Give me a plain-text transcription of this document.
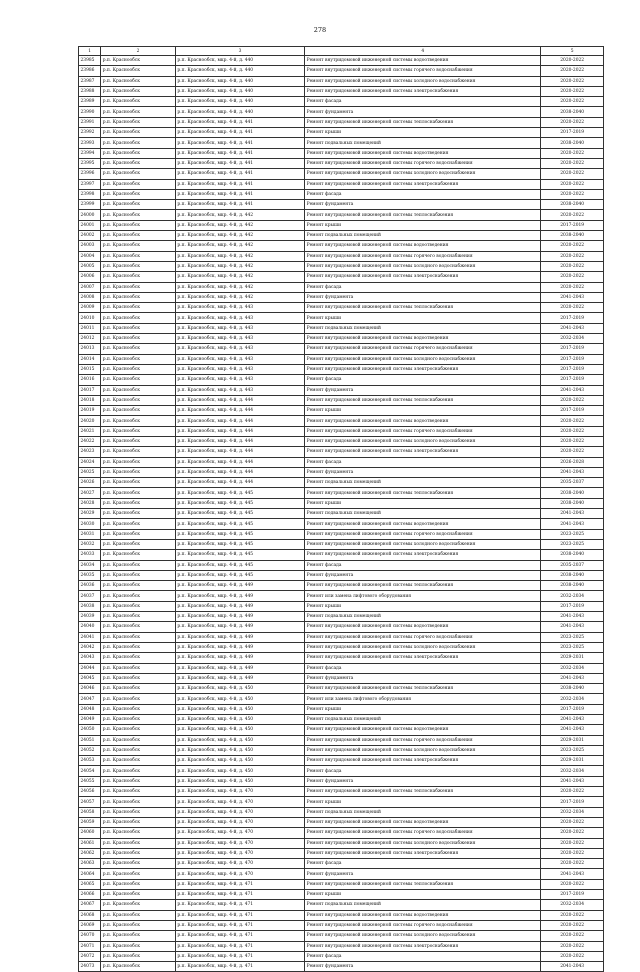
278
1	2	3	4	5
23985	р.п. Краснообск	р.п. Краснообск, мкр. 4-й, д. 440	Ремонт внутридомовой инженерной системы водоотведения	2020-2022
23986	р.п. Краснообск	р.п. Краснообск, мкр. 4-й, д. 440	Ремонт внутридомовой инженерной системы горячего водоснабжения	2020-2022
23987	р.п. Краснообск	р.п. Краснообск, мкр. 4-й, д. 440	Ремонт внутридомовой инженерной системы холодного водоснабжения	2020-2022
23988	р.п. Краснообск	р.п. Краснообск, мкр. 4-й, д. 440	Ремонт внутридомовой инженерной системы электроснабжения	2020-2022
23989	р.п. Краснообск	р.п. Краснообск, мкр. 4-й, д. 440	Ремонт фасада	2020-2022
23990	р.п. Краснообск	р.п. Краснообск, мкр. 4-й, д. 440	Ремонт фундамента	2038-2040
23991	р.п. Краснообск	р.п. Краснообск, мкр. 4-й, д. 441	Ремонт внутридомовой инженерной системы теплоснабжения	2020-2022
23992	р.п. Краснообск	р.п. Краснообск, мкр. 4-й, д. 441	Ремонт крыши	2017-2019
23993	р.п. Краснообск	р.п. Краснообск, мкр. 4-й, д. 441	Ремонт подвальных помещений	2038-2040
23994	р.п. Краснообск	р.п. Краснообск, мкр. 4-й, д. 441	Ремонт внутридомовой инженерной системы водоотведения	2020-2022
23995	р.п. Краснообск	р.п. Краснообск, мкр. 4-й, д. 441	Ремонт внутридомовой инженерной системы горячего водоснабжения	2020-2022
23996	р.п. Краснообск	р.п. Краснообск, мкр. 4-й, д. 441	Ремонт внутридомовой инженерной системы холодного водоснабжения	2020-2022
23997	р.п. Краснообск	р.п. Краснообск, мкр. 4-й, д. 441	Ремонт внутридомовой инженерной системы электроснабжения	2020-2022
23998	р.п. Краснообск	р.п. Краснообск, мкр. 4-й, д. 441	Ремонт фасада	2020-2022
23999	р.п. Краснообск	р.п. Краснообск, мкр. 4-й, д. 441	Ремонт фундамента	2038-2040
24000	р.п. Краснообск	р.п. Краснообск, мкр. 4-й, д. 442	Ремонт внутридомовой инженерной системы теплоснабжения	2020-2022
24001	р.п. Краснообск	р.п. Краснообск, мкр. 4-й, д. 442	Ремонт крыши	2017-2019
24002	р.п. Краснообск	р.п. Краснообск, мкр. 4-й, д. 442	Ремонт подвальных помещений	2038-2040
24003	р.п. Краснообск	р.п. Краснообск, мкр. 4-й, д. 442	Ремонт внутридомовой инженерной системы водоотведения	2020-2022
24004	р.п. Краснообск	р.п. Краснообск, мкр. 4-й, д. 442	Ремонт внутридомовой инженерной системы горячего водоснабжения	2020-2022
24005	р.п. Краснообск	р.п. Краснообск, мкр. 4-й, д. 442	Ремонт внутридомовой инженерной системы холодного водоснабжения	2020-2022
24006	р.п. Краснообск	р.п. Краснообск, мкр. 4-й, д. 442	Ремонт внутридомовой инженерной системы электроснабжения	2020-2022
24007	р.п. Краснообск	р.п. Краснообск, мкр. 4-й, д. 442	Ремонт фасада	2020-2022
24008	р.п. Краснообск	р.п. Краснообск, мкр. 4-й, д. 442	Ремонт фундамента	2041-2043
24009	р.п. Краснообск	р.п. Краснообск, мкр. 4-й, д. 443	Ремонт внутридомовой инженерной системы теплоснабжения	2020-2022
24010	р.п. Краснообск	р.п. Краснообск, мкр. 4-й, д. 443	Ремонт крыши	2017-2019
24011	р.п. Краснообск	р.п. Краснообск, мкр. 4-й, д. 443	Ремонт подвальных помещений	2041-2043
24012	р.п. Краснообск	р.п. Краснообск, мкр. 4-й, д. 443	Ремонт внутридомовой инженерной системы водоотведения	2032-2034
24013	р.п. Краснообск	р.п. Краснообск, мкр. 4-й, д. 443	Ремонт внутридомовой инженерной системы горячего водоснабжения	2017-2019
24014	р.п. Краснообск	р.п. Краснообск, мкр. 4-й, д. 443	Ремонт внутридомовой инженерной системы холодного водоснабжения	2017-2019
24015	р.п. Краснообск	р.п. Краснообск, мкр. 4-й, д. 443	Ремонт внутридомовой инженерной системы электроснабжения	2017-2019
24016	р.п. Краснообск	р.п. Краснообск, мкр. 4-й, д. 443	Ремонт фасада	2017-2019
24017	р.п. Краснообск	р.п. Краснообск, мкр. 4-й, д. 443	Ремонт фундамента	2041-2043
24018	р.п. Краснообск	р.п. Краснообск, мкр. 4-й, д. 444	Ремонт внутридомовой инженерной системы теплоснабжения	2020-2022
24019	р.п. Краснообск	р.п. Краснообск, мкр. 4-й, д. 444	Ремонт крыши	2017-2019
24020	р.п. Краснообск	р.п. Краснообск, мкр. 4-й, д. 444	Ремонт внутридомовой инженерной системы водоотведения	2020-2022
24021	р.п. Краснообск	р.п. Краснообск, мкр. 4-й, д. 444	Ремонт внутридомовой инженерной системы горячего водоснабжения	2020-2022
24022	р.п. Краснообск	р.п. Краснообск, мкр. 4-й, д. 444	Ремонт внутридомовой инженерной системы холодного водоснабжения	2020-2022
24023	р.п. Краснообск	р.п. Краснообск, мкр. 4-й, д. 444	Ремонт внутридомовой инженерной системы электроснабжения	2020-2022
24024	р.п. Краснообск	р.п. Краснообск, мкр. 4-й, д. 444	Ремонт фасада	2026-2028
24025	р.п. Краснообск	р.п. Краснообск, мкр. 4-й, д. 444	Ремонт фундамента	2041-2043
24026	р.п. Краснообск	р.п. Краснообск, мкр. 4-й, д. 444	Ремонт подвальных помещений	2035-2037
24027	р.п. Краснообск	р.п. Краснообск, мкр. 4-й, д. 445	Ремонт внутридомовой инженерной системы теплоснабжения	2038-2040
24028	р.п. Краснообск	р.п. Краснообск, мкр. 4-й, д. 445	Ремонт крыши	2038-2040
24029	р.п. Краснообск	р.п. Краснообск, мкр. 4-й, д. 445	Ремонт подвальных помещений	2041-2043
24030	р.п. Краснообск	р.п. Краснообск, мкр. 4-й, д. 445	Ремонт внутридомовой инженерной системы водоотведения	2041-2043
24031	р.п. Краснообск	р.п. Краснообск, мкр. 4-й, д. 445	Ремонт внутридомовой инженерной системы горячего водоснабжения	2023-2025
24032	р.п. Краснообск	р.п. Краснообск, мкр. 4-й, д. 445	Ремонт внутридомовой инженерной системы холодного водоснабжения	2023-2025
24033	р.п. Краснообск	р.п. Краснообск, мкр. 4-й, д. 445	Ремонт внутридомовой инженерной системы электроснабжения	2038-2040
24034	р.п. Краснообск	р.п. Краснообск, мкр. 4-й, д. 445	Ремонт фасада	2035-2037
24035	р.п. Краснообск	р.п. Краснообск, мкр. 4-й, д. 445	Ремонт фундамента	2038-2040
24036	р.п. Краснообск	р.п. Краснообск, мкр. 4-й, д. 449	Ремонт внутридомовой инженерной системы теплоснабжения	2038-2040
24037	р.п. Краснообск	р.п. Краснообск, мкр. 4-й, д. 449	Ремонт или замена лифтового оборудования	2032-2034
24038	р.п. Краснообск	р.п. Краснообск, мкр. 4-й, д. 449	Ремонт крыши	2017-2019
24039	р.п. Краснообск	р.п. Краснообск, мкр. 4-й, д. 449	Ремонт подвальных помещений	2041-2043
24040	р.п. Краснообск	р.п. Краснообск, мкр. 4-й, д. 449	Ремонт внутридомовой инженерной системы водоотведения	2041-2043
24041	р.п. Краснообск	р.п. Краснообск, мкр. 4-й, д. 449	Ремонт внутридомовой инженерной системы горячего водоснабжения	2023-2025
24042	р.п. Краснообск	р.п. Краснообск, мкр. 4-й, д. 449	Ремонт внутридомовой инженерной системы холодного водоснабжения	2023-2025
24043	р.п. Краснообск	р.п. Краснообск, мкр. 4-й, д. 449	Ремонт внутридомовой инженерной системы электроснабжения	2029-2031
24044	р.п. Краснообск	р.п. Краснообск, мкр. 4-й, д. 449	Ремонт фасада	2032-2034
24045	р.п. Краснообск	р.п. Краснообск, мкр. 4-й, д. 449	Ремонт фундамента	2041-2043
24046	р.п. Краснообск	р.п. Краснообск, мкр. 4-й, д. 450	Ремонт внутридомовой инженерной системы теплоснабжения	2038-2040
24047	р.п. Краснообск	р.п. Краснообск, мкр. 4-й, д. 450	Ремонт или замена лифтового оборудования	2032-2034
24048	р.п. Краснообск	р.п. Краснообск, мкр. 4-й, д. 450	Ремонт крыши	2017-2019
24049	р.п. Краснообск	р.п. Краснообск, мкр. 4-й, д. 450	Ремонт подвальных помещений	2041-2043
24050	р.п. Краснообск	р.п. Краснообск, мкр. 4-й, д. 450	Ремонт внутридомовой инженерной системы водоотведения	2041-2043
24051	р.п. Краснообск	р.п. Краснообск, мкр. 4-й, д. 450	Ремонт внутридомовой инженерной системы горячего водоснабжения	2029-2031
24052	р.п. Краснообск	р.п. Краснообск, мкр. 4-й, д. 450	Ремонт внутридомовой инженерной системы холодного водоснабжения	2023-2025
24053	р.п. Краснообск	р.п. Краснообск, мкр. 4-й, д. 450	Ремонт внутридомовой инженерной системы электроснабжения	2029-2031
24054	р.п. Краснообск	р.п. Краснообск, мкр. 4-й, д. 450	Ремонт фасада	2032-2034
24055	р.п. Краснообск	р.п. Краснообск, мкр. 4-й, д. 450	Ремонт фундамента	2041-2043
24056	р.п. Краснообск	р.п. Краснообск, мкр. 4-й, д. 470	Ремонт внутридомовой инженерной системы теплоснабжения	2020-2022
24057	р.п. Краснообск	р.п. Краснообск, мкр. 4-й, д. 470	Ремонт крыши	2017-2019
24058	р.п. Краснообск	р.п. Краснообск, мкр. 4-й, д. 470	Ремонт подвальных помещений	2032-2034
24059	р.п. Краснообск	р.п. Краснообск, мкр. 4-й, д. 470	Ремонт внутридомовой инженерной системы водоотведения	2020-2022
24060	р.п. Краснообск	р.п. Краснообск, мкр. 4-й, д. 470	Ремонт внутридомовой инженерной системы горячего водоснабжения	2020-2022
24061	р.п. Краснообск	р.п. Краснообск, мкр. 4-й, д. 470	Ремонт внутридомовой инженерной системы холодного водоснабжения	2020-2022
24062	р.п. Краснообск	р.п. Краснообск, мкр. 4-й, д. 470	Ремонт внутридомовой инженерной системы электроснабжения	2020-2022
24063	р.п. Краснообск	р.п. Краснообск, мкр. 4-й, д. 470	Ремонт фасада	2020-2022
24064	р.п. Краснообск	р.п. Краснообск, мкр. 4-й, д. 470	Ремонт фундамента	2041-2043
24065	р.п. Краснообск	р.п. Краснообск, мкр. 4-й, д. 471	Ремонт внутридомовой инженерной системы теплоснабжения	2020-2022
24066	р.п. Краснообск	р.п. Краснообск, мкр. 4-й, д. 471	Ремонт крыши	2017-2019
24067	р.п. Краснообск	р.п. Краснообск, мкр. 4-й, д. 471	Ремонт подвальных помещений	2032-2034
24068	р.п. Краснообск	р.п. Краснообск, мкр. 4-й, д. 471	Ремонт внутридомовой инженерной системы водоотведения	2020-2022
24069	р.п. Краснообск	р.п. Краснообск, мкр. 4-й, д. 471	Ремонт внутридомовой инженерной системы горячего водоснабжения	2020-2022
24070	р.п. Краснообск	р.п. Краснообск, мкр. 4-й, д. 471	Ремонт внутридомовой инженерной системы холодного водоснабжения	2020-2022
24071	р.п. Краснообск	р.п. Краснообск, мкр. 4-й, д. 471	Ремонт внутридомовой инженерной системы электроснабжения	2020-2022
24072	р.п. Краснообск	р.п. Краснообск, мкр. 4-й, д. 471	Ремонт фасада	2020-2022
24073	р.п. Краснообск	р.п. Краснообск, мкр. 4-й, д. 471	Ремонт фундамента	2041-2043
